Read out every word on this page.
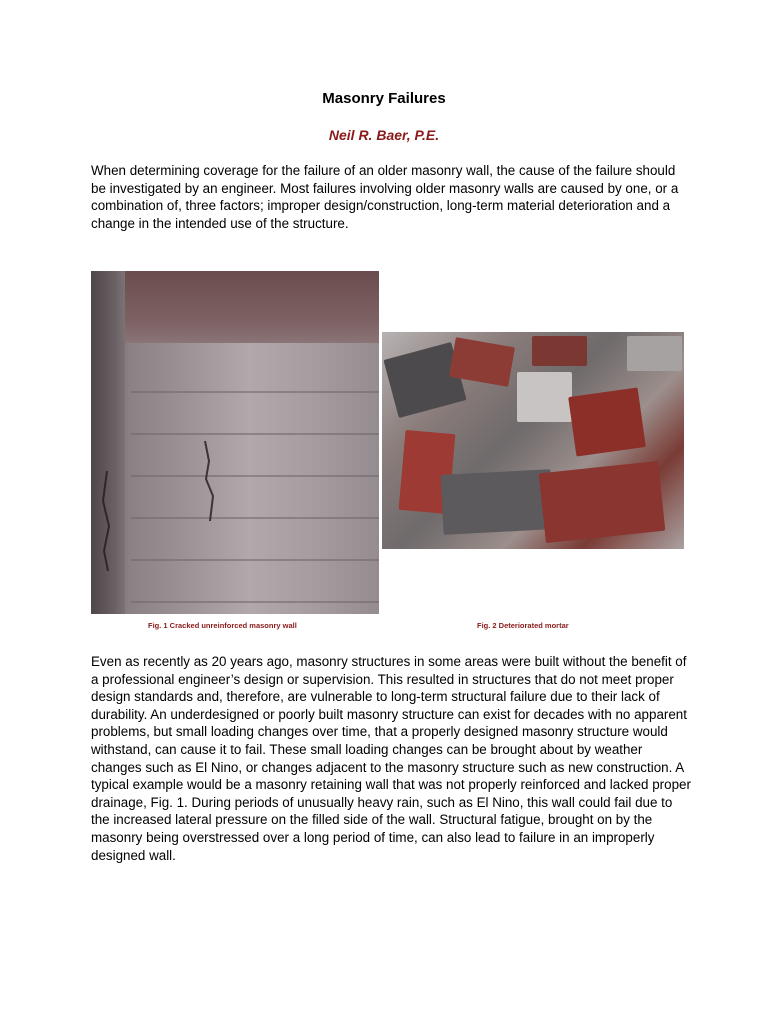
Masonry Failures
Neil R. Baer, P.E.

When determining coverage for the failure of an older masonry wall, the cause of the failure should be investigated by an engineer. Most failures involving older masonry walls are caused by one, or a combination of, three factors; improper design/construction, long-term material deterioration and a change in the intended use of the structure.

Fig. 1 Cracked unreinforced masonry wall	Fig. 2 Deteriorated mortar

Even as recently as 20 years ago, masonry structures in some areas were built without the benefit of a professional engineer’s design or supervision. This resulted in structures that do not meet proper design standards and, therefore, are vulnerable to long-term structural failure due to their lack of durability. An underdesigned or poorly built masonry structure can exist for decades with no apparent problems, but small loading changes over time, that a properly designed masonry structure would withstand, can cause it to fail. These small loading changes can be brought about by weather changes such as El Nino, or changes adjacent to the masonry structure such as new construction. A typical example would be a masonry retaining wall that was not properly reinforced and lacked proper drainage, Fig. 1. During periods of unusually heavy rain, such as El Nino, this wall could fail due to the increased lateral pressure on the filled side of the wall. Structural fatigue, brought on by the masonry being overstressed over a long period of time, can also lead to failure in an improperly designed wall.
